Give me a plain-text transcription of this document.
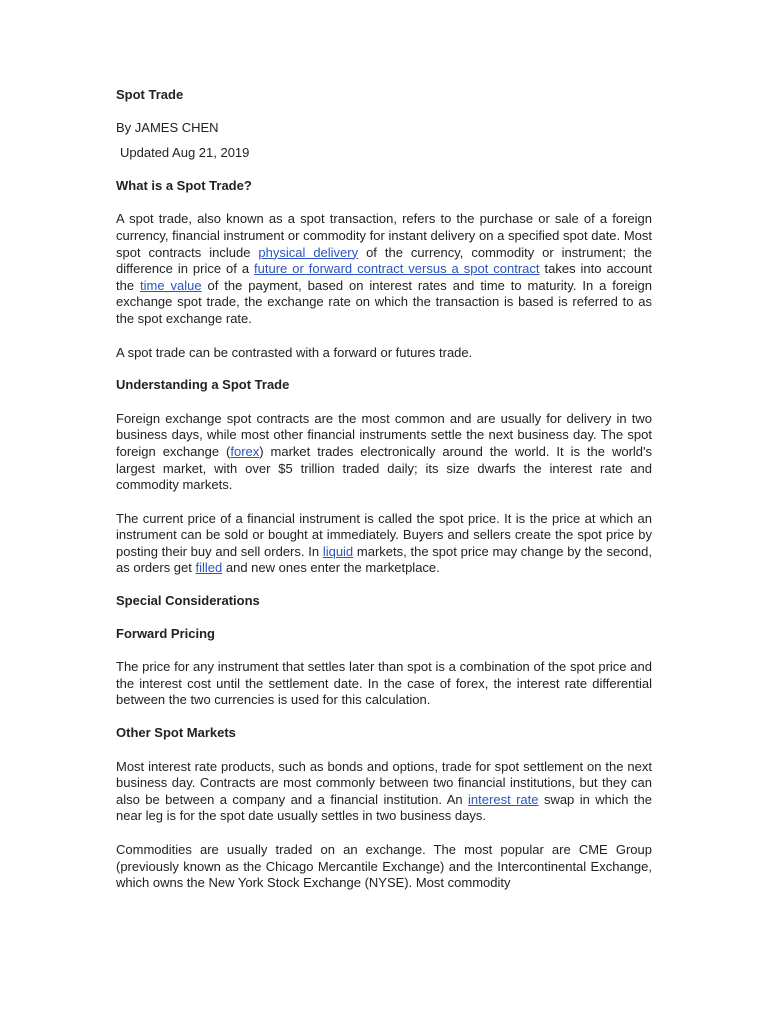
Spot Trade
By JAMES CHEN
Updated Aug 21, 2019
What is a Spot Trade?

A spot trade, also known as a spot transaction, refers to the purchase or sale of a foreign currency, financial instrument or commodity for instant delivery on a specified spot date. Most spot contracts include physical delivery of the currency, commodity or instrument; the difference in price of a future or forward contract versus a spot contract takes into account the time value of the payment, based on interest rates and time to maturity. In a foreign exchange spot trade, the exchange rate on which the transaction is based is referred to as the spot exchange rate.

A spot trade can be contrasted with a forward or futures trade.

Understanding a Spot Trade

Foreign exchange spot contracts are the most common and are usually for delivery in two business days, while most other financial instruments settle the next business day. The spot foreign exchange (forex) market trades electronically around the world. It is the world's largest market, with over $5 trillion traded daily; its size dwarfs the interest rate and commodity markets.

The current price of a financial instrument is called the spot price. It is the price at which an instrument can be sold or bought at immediately. Buyers and sellers create the spot price by posting their buy and sell orders. In liquid markets, the spot price may change by the second, as orders get filled and new ones enter the marketplace.

Special Considerations
Forward Pricing

The price for any instrument that settles later than spot is a combination of the spot price and the interest cost until the settlement date. In the case of forex, the interest rate differential between the two currencies is used for this calculation.

Other Spot Markets

Most interest rate products, such as bonds and options, trade for spot settlement on the next business day. Contracts are most commonly between two financial institutions, but they can also be between a company and a financial institution. An interest rate swap in which the near leg is for the spot date usually settles in two business days.

Commodities are usually traded on an exchange. The most popular are CME Group (previously known as the Chicago Mercantile Exchange) and the Intercontinental Exchange, which owns the New York Stock Exchange (NYSE). Most commodity
